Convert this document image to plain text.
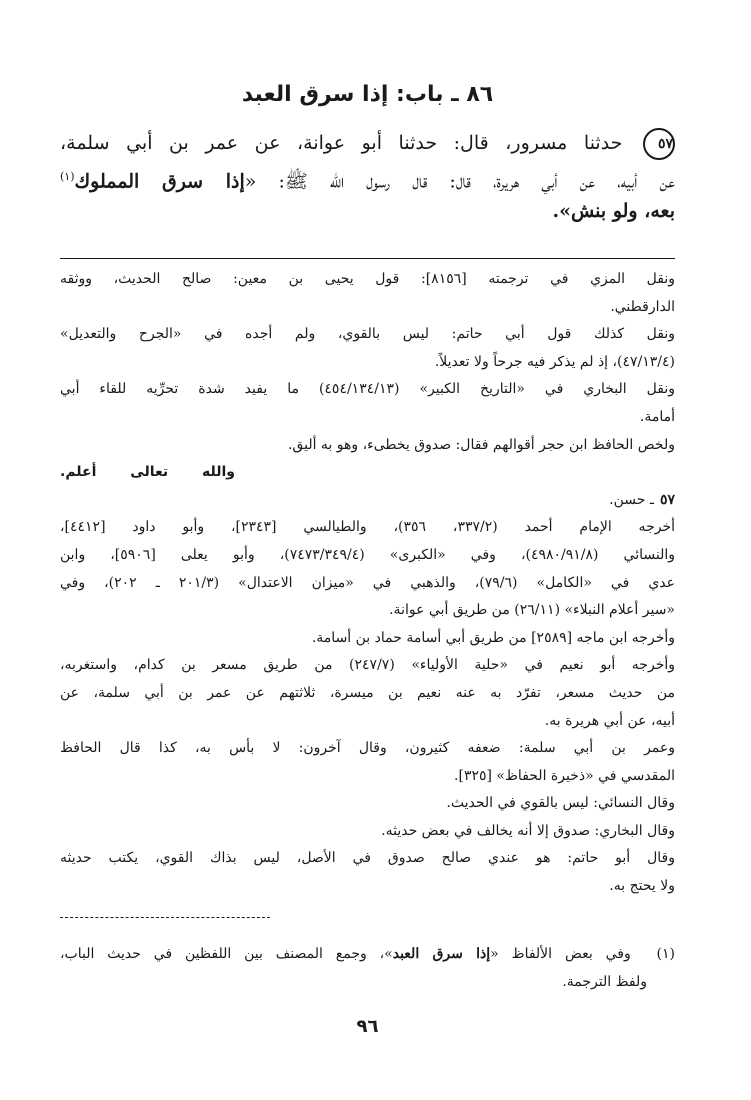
٨٦ ـ باب: إذا سرق العبد
٥٧ حدثنا مسرور، قال: حدثنا أبو عوانة، عن عمر بن أبي سلمة،
عن أبيه، عن أبي هريرة، قال: قال رسول الله ﷺ: «إذا سرق المملوك$^{(١)}$
بعه، ولو بنش».
ونقل المزي في ترجمته [٨١٥٦]: قول يحيى بن معين: صالح الحديث، ووثقه
الدارقطني.
ونقل كذلك قول أبي حاتم: ليس بالقوي، ولم أجده في «الجرح والتعديل»
(٤٧/١٣/٤)، إذ لم يذكر فيه جرحاً ولا تعديلاً.
ونقل البخاري في «التاريخ الكبير» (٤٥٤/١٣٤/١٣) ما يفيد شدة تحرِّيه للقاء أبي
أمامة.
ولخص الحافظ ابن حجر أقوالهم فقال: صدوق يخطىء، وهو به أليق.
والله تعالى أعلم.
٥٧ـ حسن.
أخرجه الإمام أحمد (٣٣٧/٢، ٣٥٦)، والطيالسي [٢٣٤٣]، وأبو داود [٤٤١٢]،
والنسائي (٤٩٨٠/٩١/٨)، وفي «الكبرى» (٧٤٧٣/٣٤٩/٤)، وأبو يعلى [٥٩٠٦]، وابن
عدي في «الكامل» (٧٩/٦)، والذهبي في «ميزان الاعتدال» (٢٠١/٣ ـ ٢٠٢)، وفي
«سير أعلام النبلاء» (٢٦/١١) من طريق أبي عوانة.
وأخرجه ابن ماجه [٢٥٨٩] من طريق أبي أسامة حماد بن أسامة.
وأخرجه أبو نعيم في «حلية الأولياء» (٢٤٧/٧) من طريق مسعر بن كدام، واستغربه،
من حديث مسعر، تفرّد به عنه نعيم بن ميسرة، ثلاثتهم عن عمر بن أبي سلمة، عن
أبيه، عن أبي هريرة به.
وعمر بن أبي سلمة: ضعفه كثيرون، وقال آخرون: لا بأس به، كذا قال الحافظ
المقدسي في «ذخيرة الحفاظ» [٣٢٥].
وقال النسائي: ليس بالقوي في الحديث.
وقال البخاري: صدوق إلا أنه يخالف في بعض حديثه.
وقال أبو حاتم: هو عندي صالح صدوق في الأصل، ليس بذاك القوي، يكتب حديثه
ولا يحتج به.
(١)  وفي بعض الألفاظ «إذا سرق العبد»، وجمع المصنف بين اللفظين في حديث الباب،
ولفظ الترجمة.
٩٦
